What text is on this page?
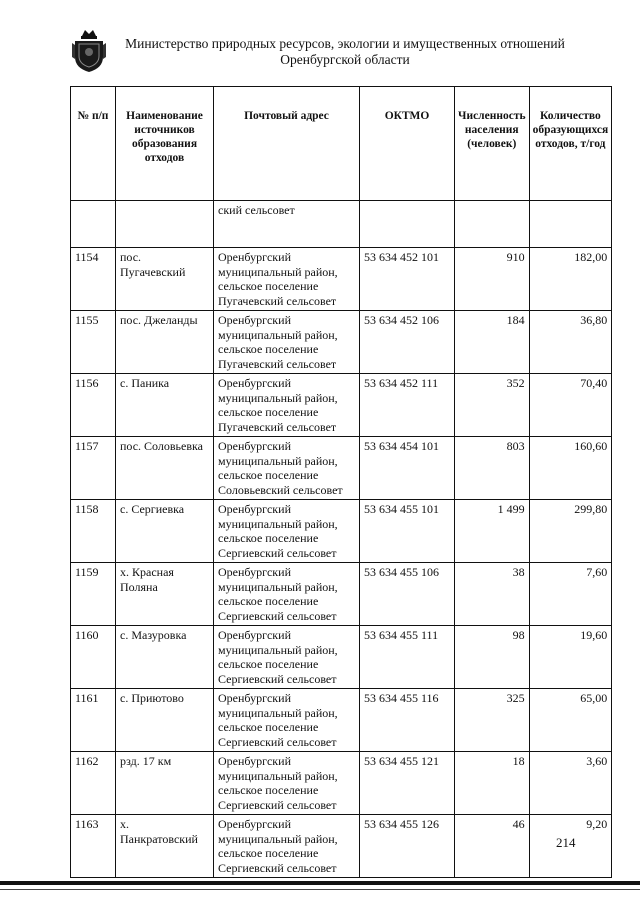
Министерство природных ресурсов, экологии и имущественных отношений
Оренбургской области
№ п/п	Наименование источников образования отходов	Почтовый адрес	ОКТМО	Численность населения (человек)	Количество образующихся отходов, т/год
		ский сельсовет			
1154	пос. Пугачевский	Оренбургский муниципальный район, сельское поселение Пугачевский сельсовет	53 634 452 101	910	182,00
1155	пос. Джеланды	Оренбургский муниципальный район, сельское поселение Пугачевский сельсовет	53 634 452 106	184	36,80
1156	с. Паника	Оренбургский муниципальный район, сельское поселение Пугачевский сельсовет	53 634 452 111	352	70,40
1157	пос. Соловьевка	Оренбургский муниципальный район, сельское поселение Соловьевский сельсовет	53 634 454 101	803	160,60
1158	с. Сергиевка	Оренбургский муниципальный район, сельское поселение Сергиевский сельсовет	53 634 455 101	1 499	299,80
1159	х. Красная Поляна	Оренбургский муниципальный район, сельское поселение Сергиевский сельсовет	53 634 455 106	38	7,60
1160	с. Мазуровка	Оренбургский муниципальный район, сельское поселение Сергиевский сельсовет	53 634 455 111	98	19,60
1161	с. Приютово	Оренбургский муниципальный район, сельское поселение Сергиевский сельсовет	53 634 455 116	325	65,00
1162	рзд. 17 км	Оренбургский муниципальный район, сельское поселение Сергиевский сельсовет	53 634 455 121	18	3,60
1163	х. Панкратовский	Оренбургский муниципальный район, сельское поселение Сергиевский сельсовет	53 634 455 126	46	9,20
214
